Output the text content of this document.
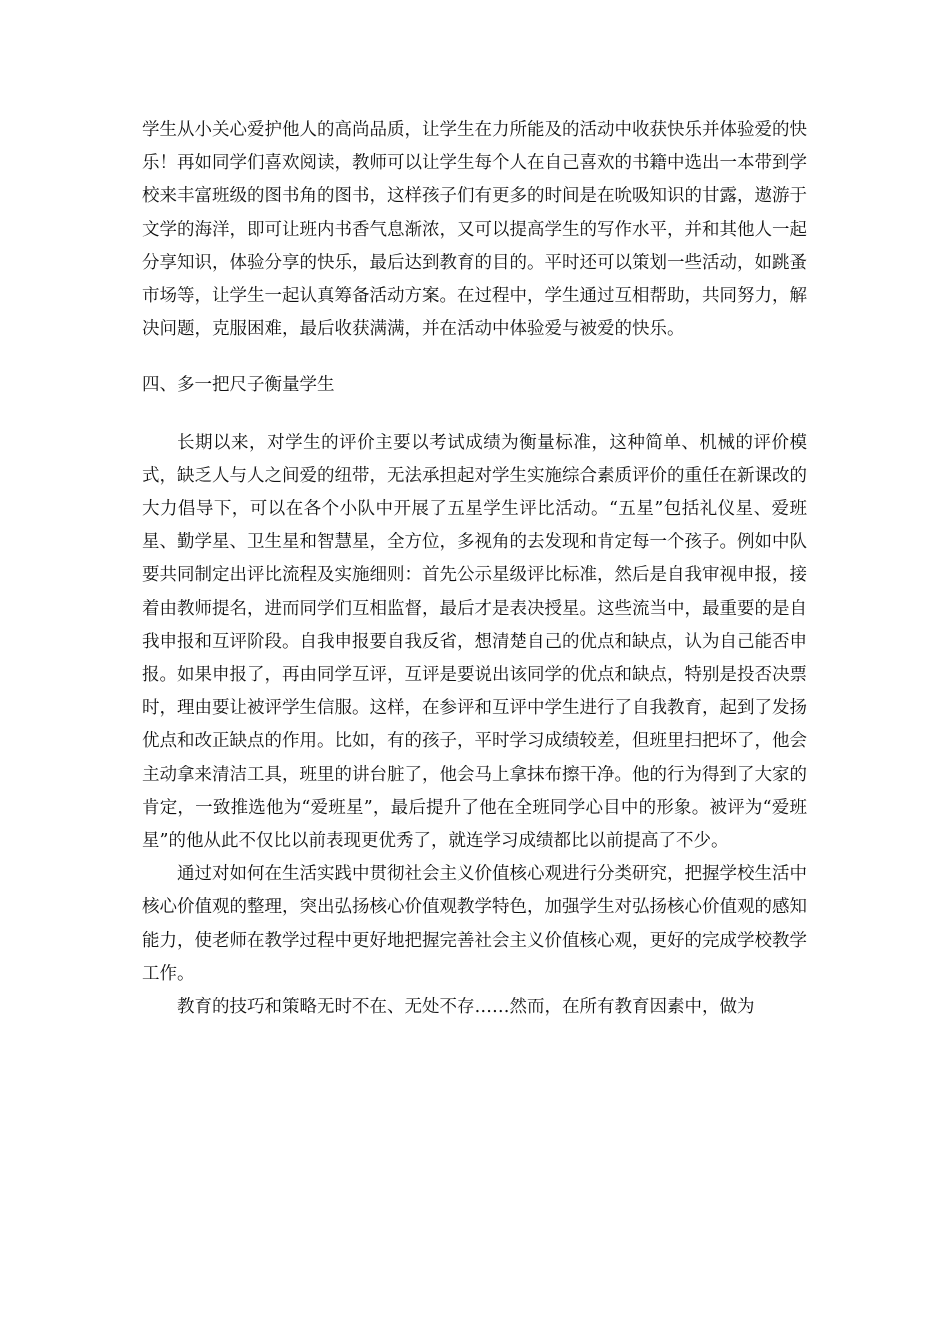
学生从小关心爱护他人的高尚品质，让学生在力所能及的活动中收获快乐并体验爱的快乐！再如同学们喜欢阅读，教师可以让学生每个人在自己喜欢的书籍中选出一本带到学校来丰富班级的图书角的图书，这样孩子们有更多的时间是在吮吸知识的甘露，遨游于文学的海洋，即可让班内书香气息渐浓，又可以提高学生的写作水平，并和其他人一起分享知识，体验分享的快乐，最后达到教育的目的。平时还可以策划一些活动，如跳蚤市场等，让学生一起认真筹备活动方案。在过程中，学生通过互相帮助，共同努力，解决问题，克服困难，最后收获满满，并在活动中体验爱与被爱的快乐。

四、多一把尺子衡量学生

长期以来，对学生的评价主要以考试成绩为衡量标准，这种简单、机械的评价模式，缺乏人与人之间爱的纽带，无法承担起对学生实施综合素质评价的重任在新课改的大力倡导下，可以在各个小队中开展了五星学生评比活动。“五星”包括礼仪星、爱班星、勤学星、卫生星和智慧星，全方位，多视角的去发现和肯定每一个孩子。例如中队要共同制定出评比流程及实施细则：首先公示星级评比标准，然后是自我审视申报，接着由教师提名，进而同学们互相监督，最后才是表决授星。这些流当中，最重要的是自我申报和互评阶段。自我申报要自我反省，想清楚自己的优点和缺点，认为自己能否申报。如果申报了，再由同学互评，互评是要说出该同学的优点和缺点，特别是投否决票时，理由要让被评学生信服。这样，在参评和互评中学生进行了自我教育，起到了发扬优点和改正缺点的作用。比如，有的孩子，平时学习成绩较差，但班里扫把坏了，他会主动拿来清洁工具，班里的讲台脏了，他会马上拿抹布擦干净。他的行为得到了大家的肯定，一致推选他为“爱班星”，最后提升了他在全班同学心目中的形象。被评为“爱班星”的他从此不仅比以前表现更优秀了，就连学习成绩都比以前提高了不少。

通过对如何在生活实践中贯彻社会主义价值核心观进行分类研究，把握学校生活中核心价值观的整理，突出弘扬核心价值观教学特色，加强学生对弘扬核心价值观的感知能力，使老师在教学过程中更好地把握完善社会主义价值核心观，更好的完成学校教学工作。

教育的技巧和策略无时不在、无处不存……然而，在所有教育因素中，做为
